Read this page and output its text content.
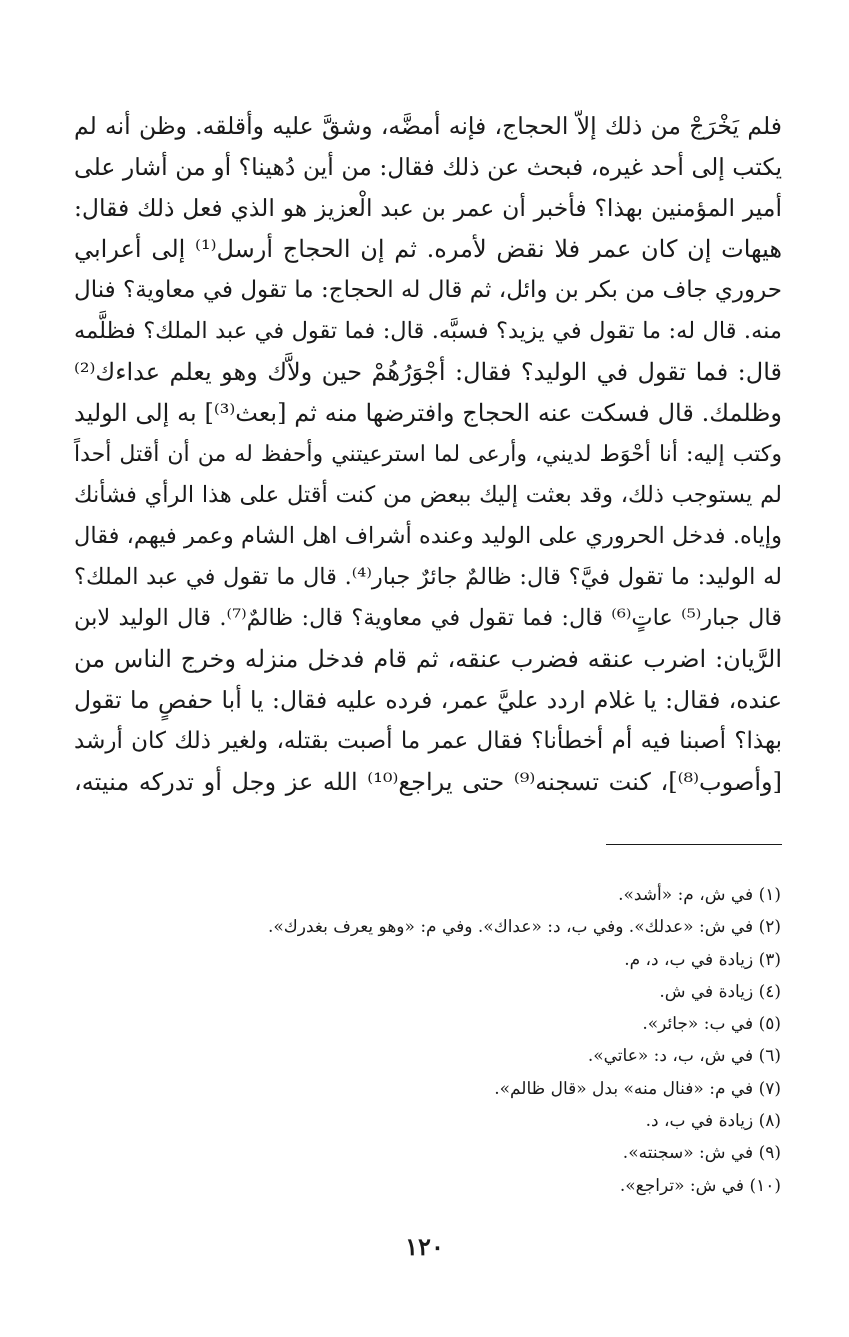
فلم يَخْرَجْ من ذلك إلاّ الحجاج، فإنه أمضَّه، وشقَّ عليه وأقلقه. وظن أنه لم
يكتب إلى أحد غيره، فبحث عن ذلك فقال: من أين دُهينا؟ أو من أشار على
أمير المؤمنين بهذا؟ فأخبر أن عمر بن عبد الْعزيز هو الذي فعل ذلك فقال:
هيهات إن كان عمر فلا نقض لأمره. ثم إن الحجاج أرسل⁽¹⁾ إلى أعرابي
حروري جاف من بكر بن وائل، ثم قال له الحجاج: ما تقول في معاوية؟ فنال
منه. قال له: ما تقول في يزيد؟ فسبَّه. قال: فما تقول في عبد الملك؟ فظلَّمه
قال: فما تقول في الوليد؟ فقال: أجْوَرُهُمْ حين ولاَّك وهو يعلم عداءك⁽²⁾
وظلمك. قال فسكت عنه الحجاج وافترضها منه ثم [بعث⁽³⁾] به إلى الوليد
وكتب إليه: أنا أحْوَط لديني، وأرعى لما استرعيتني وأحفظ له من أن أقتل أحداً
لم يستوجب ذلك، وقد بعثت إليك ببعض من كنت أقتل على هذا الرأي فشأنك
وإياه. فدخل الحروري على الوليد وعنده أشراف اهل الشام وعمر فيهم، فقال
له الوليد: ما تقول فيَّ؟ قال: ظالمٌ جائرٌ جبار⁽⁴⁾. قال ما تقول في عبد الملك؟
قال جبار⁽⁵⁾ عاتٍ⁽⁶⁾ قال: فما تقول في معاوية؟ قال: ظالمٌ⁽⁷⁾. قال الوليد لابن
الرَّيان: اضرب عنقه فضرب عنقه، ثم قام فدخل منزله وخرج الناس من
عنده، فقال: يا غلام اردد عليَّ عمر، فرده عليه فقال: يا أبا حفصٍ ما تقول
بهذا؟ أصبنا فيه أم أخطأنا؟ فقال عمر ما أصبت بقتله، ولغير ذلك كان أرشد
[وأصوب⁽⁸⁾]، كنت تسجنه⁽⁹⁾ حتى يراجع⁽¹⁰⁾ الله عز وجل أو تدركه منيته،
(١) في ش، م: «أشد».
(٢) في ش: «عدلك». وفي ب، د: «عداك». وفي م: «وهو يعرف بغدرك».
(٣) زيادة في ب، د، م.
(٤) زيادة في ش.
(٥) في ب: «جائر».
(٦) في ش، ب، د: «عاتي».
(٧) في م: «فنال منه» بدل «قال ظالم».
(٨) زيادة في ب، د.
(٩) في ش: «سجنته».
(١٠) في ش: «تراجع».
١٢٠
